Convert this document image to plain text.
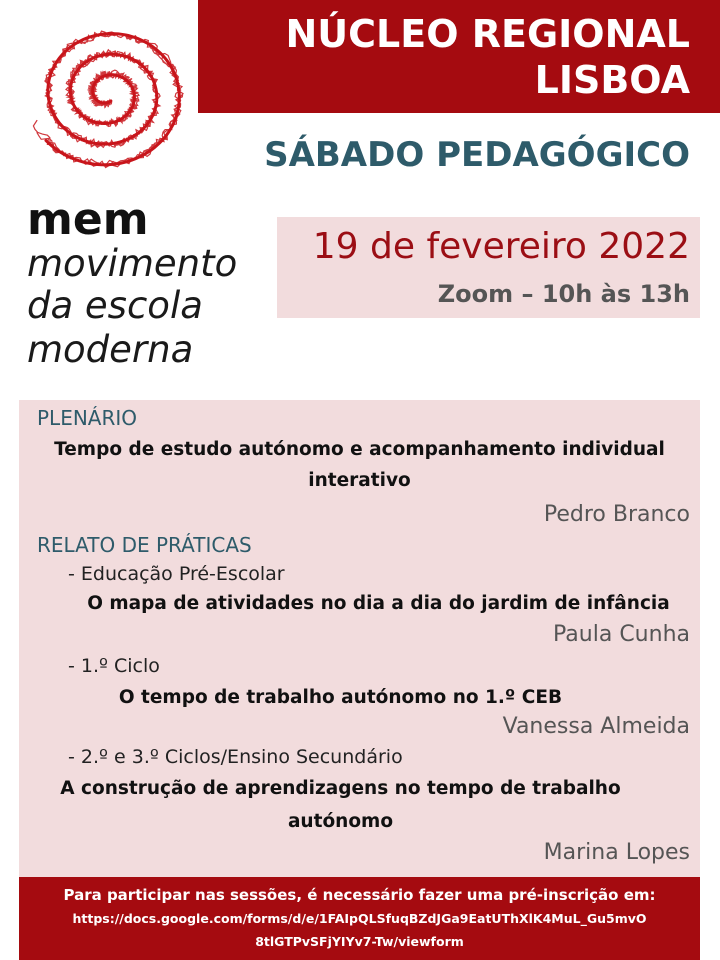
NÚCLEO REGIONAL
LISBOA
SÁBADO PEDAGÓGICO
mem
movimento
da escola
moderna
19 de fevereiro 2022
Zoom – 10h às 13h
PLENÁRIO
Tempo de estudo autónomo e acompanhamento individual
interativo
Pedro Branco
RELATO DE PRÁTICAS
- Educação Pré-Escolar
O mapa de atividades no dia a dia do jardim de infância
Paula Cunha
- 1.º Ciclo
O tempo de trabalho autónomo no 1.º CEB
Vanessa Almeida
- 2.º e 3.º Ciclos/Ensino Secundário
A construção de aprendizagens no tempo de trabalho
autónomo
Marina Lopes
Para participar nas sessões, é necessário fazer uma pré-inscrição em:
https://docs.google.com/forms/d/e/1FAIpQLSfuqBZdJGa9EatUThXlK4MuL_Gu5mvO
8tlGTPvSFjYIYv7-Tw/viewform
